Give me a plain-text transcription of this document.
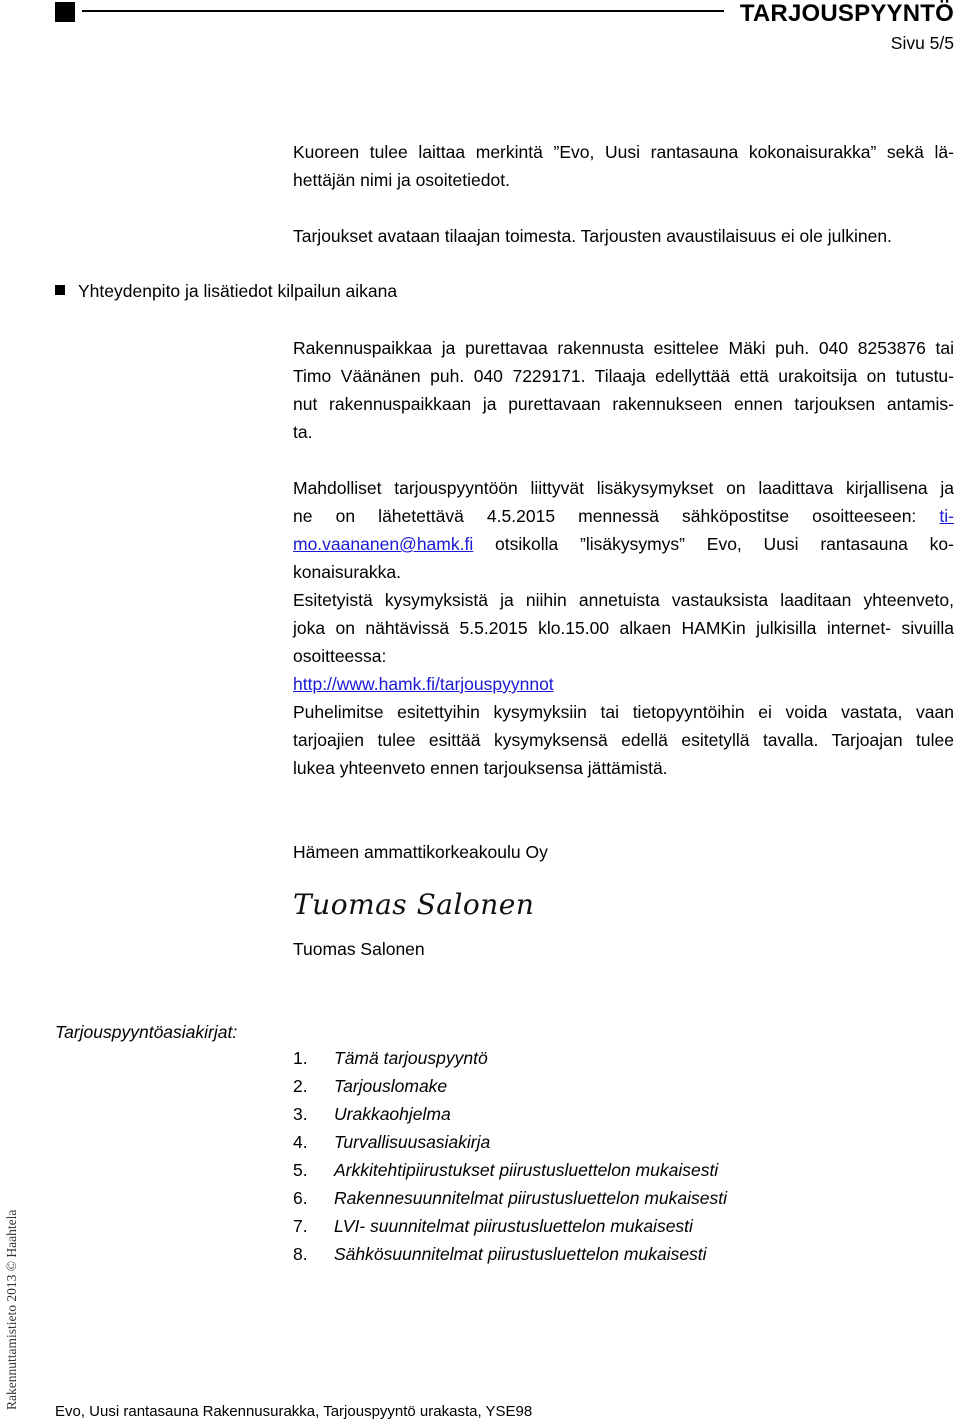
TARJOUSPYYNTÖ
Sivu 5/5
Kuoreen tulee laittaa merkintä ”Evo, Uusi rantasauna kokonaisurakka” sekä lä-
hettäjän nimi ja osoitetiedot.
Tarjoukset avataan tilaajan toimesta. Tarjousten avaustilaisuus ei ole julkinen.
Yhteydenpito ja lisätiedot kilpailun aikana
Rakennuspaikkaa ja purettavaa rakennusta esittelee Mäki puh. 040 8253876 tai
Timo Väänänen puh. 040 7229171. Tilaaja edellyttää että urakoitsija on tutustu-
nut rakennuspaikkaan ja purettavaan rakennukseen ennen tarjouksen antamis-
ta.
Mahdolliset tarjouspyyntöön liittyvät lisäkysymykset on laadittava kirjallisena ja
ne on lähetettävä 4.5.2015 mennessä sähköpostitse osoitteeseen: ti-
mo.vaananen@hamk.fi otsikolla ”lisäkysymys” Evo, Uusi rantasauna ko-
konaisurakka.
Esitetyistä kysymyksistä ja niihin annetuista vastauksista laaditaan yhteenveto,
joka on nähtävissä 5.5.2015 klo.15.00 alkaen HAMKin julkisilla internet- sivuilla
osoitteessa:
http://www.hamk.fi/tarjouspyynnot
Puhelimitse esitettyihin kysymyksiin tai tietopyyntöihin ei voida vastata, vaan
tarjoajien tulee esittää kysymyksensä edellä esitetyllä tavalla. Tarjoajan tulee
lukea yhteenveto ennen tarjouksensa jättämistä.
Hämeen ammattikorkeakoulu Oy
Tuomas Salonen
Tuomas Salonen
Tarjouspyyntöasiakirjat:
1.	Tämä tarjouspyyntö
2.	Tarjouslomake
3.	Urakkaohjelma
4.	Turvallisuusasiakirja
5.	Arkkitehtipiirustukset piirustusluettelon mukaisesti
6.	Rakennesuunnitelmat piirustusluettelon mukaisesti
7.	LVI- suunnitelmat piirustusluettelon mukaisesti
8.	Sähkösuunnitelmat piirustusluettelon mukaisesti
Rakennuttamistieto 2013 © Haahtela
Evo, Uusi rantasauna Rakennusurakka, Tarjouspyyntö urakasta, YSE98
